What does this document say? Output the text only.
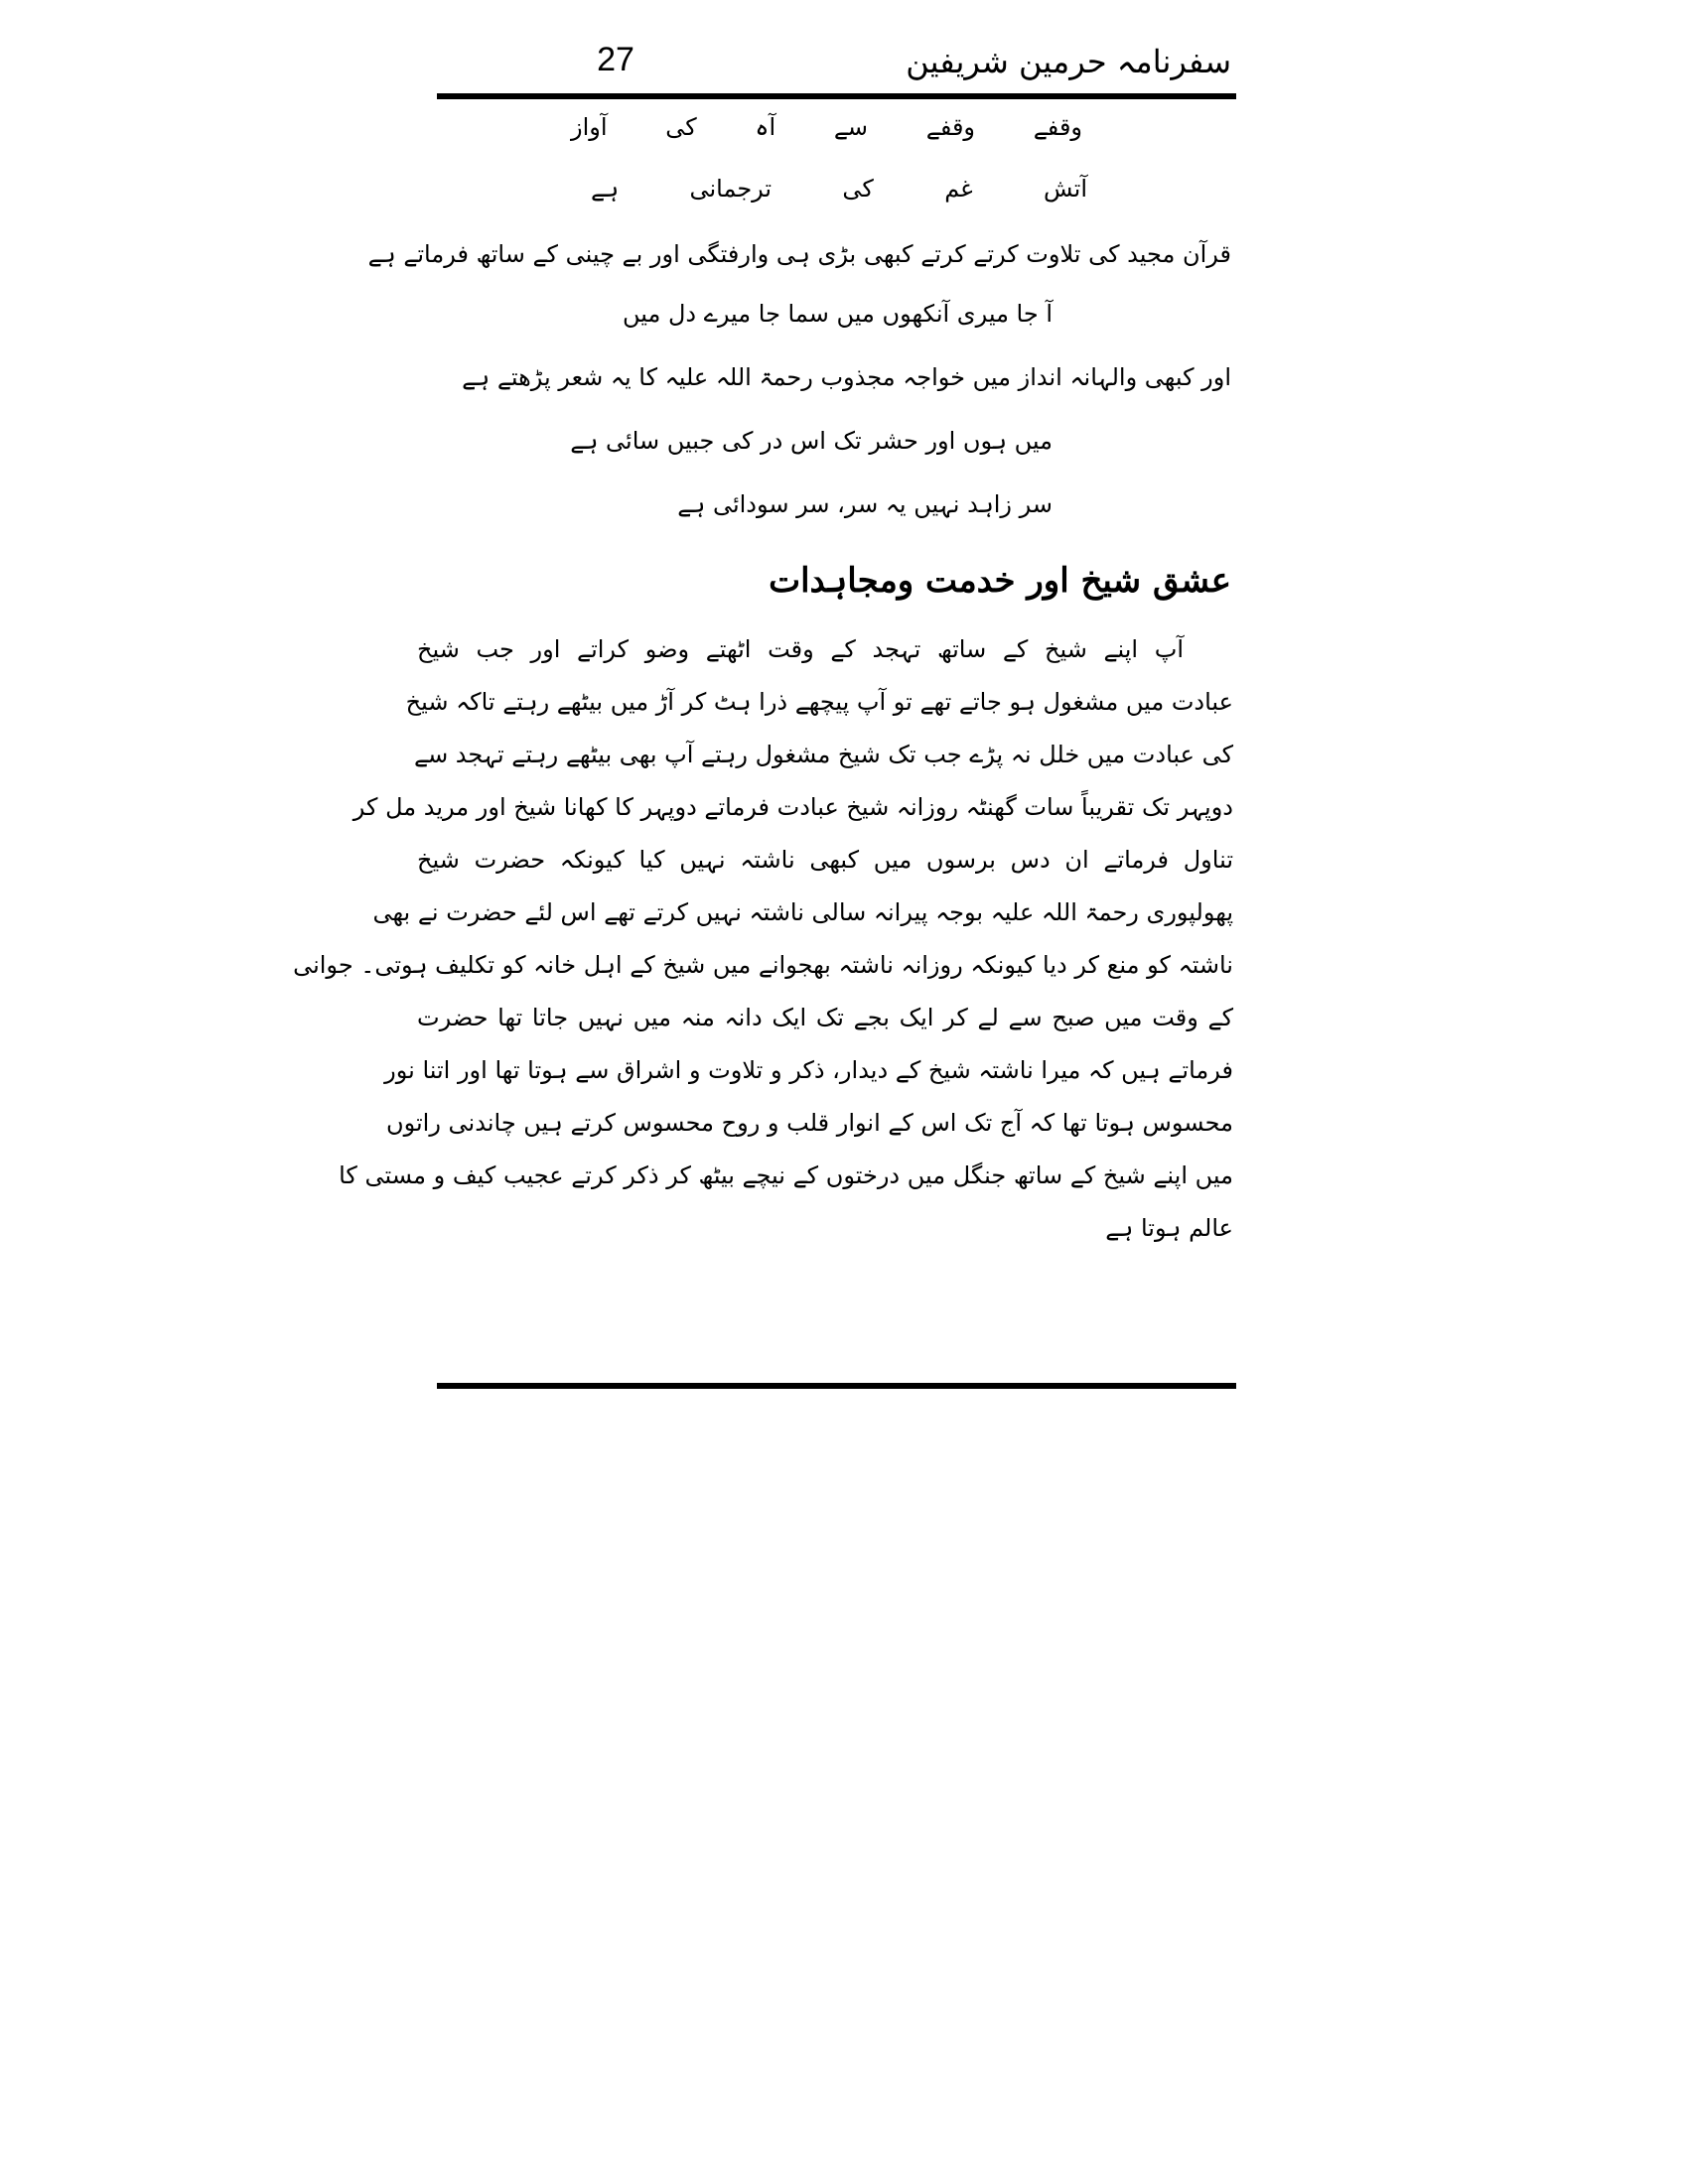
27	سفرنامہ حرمین شریفین
وقفے
وقفے
سے
آہ
کی
آواز
آتش
غم
کی
ترجمانی
ہے
قرآن مجید کی تلاوت کرتے کرتے کبھی بڑی ہی وارفتگی اور بے چینی کے ساتھ فرماتے ہے
آ جا میری آنکھوں میں سما جا میرے دل میں
اور کبھی والہانہ انداز میں خواجہ مجذوب رحمۃ اللہ علیہ کا یہ شعر پڑھتے ہے
میں ہوں اور حشر تک اس در کی جبیں سائی ہے
سر زاہد نہیں یہ سر، سر سودائی ہے
عشق شیخ اور خدمت ومجاہدات
آپ اپنے شیخ کے ساتھ تہجد کے وقت اٹھتے وضو کراتے اور جب شیخ
عبادت میں مشغول ہو جاتے تھے تو آپ پیچھے ذرا ہٹ کر آڑ میں بیٹھے رہتے تاکہ شیخ
کی عبادت میں خلل نہ پڑے جب تک شیخ مشغول رہتے آپ بھی بیٹھے رہتے تہجد سے
دوپہر تک تقریباً سات گھنٹہ روزانہ شیخ عبادت فرماتے دوپہر کا کھانا شیخ اور مرید مل کر
تناول فرماتے ان دس برسوں میں کبھی ناشتہ نہیں کیا کیونکہ حضرت شیخ
پھولپوری رحمۃ اللہ علیہ بوجہ پیرانہ سالی ناشتہ نہیں کرتے تھے اس لئے حضرت نے بھی
ناشتہ کو منع کر دیا کیونکہ روزانہ ناشتہ بھجوانے میں شیخ کے اہل خانہ کو تکلیف ہوتی۔ جوانی
کے وقت میں صبح سے لے کر ایک بجے تک ایک دانہ منہ میں نہیں جاتا تھا حضرت
فرماتے ہیں کہ میرا ناشتہ شیخ کے دیدار، ذکر و تلاوت و اشراق سے ہوتا تھا اور اتنا نور
محسوس ہوتا تھا کہ آج تک اس کے انوار قلب و روح محسوس کرتے ہیں چاندنی راتوں
میں اپنے شیخ کے ساتھ جنگل میں درختوں کے نیچے بیٹھ کر ذکر کرتے عجیب کیف و مستی کا
عالم ہوتا ہے
